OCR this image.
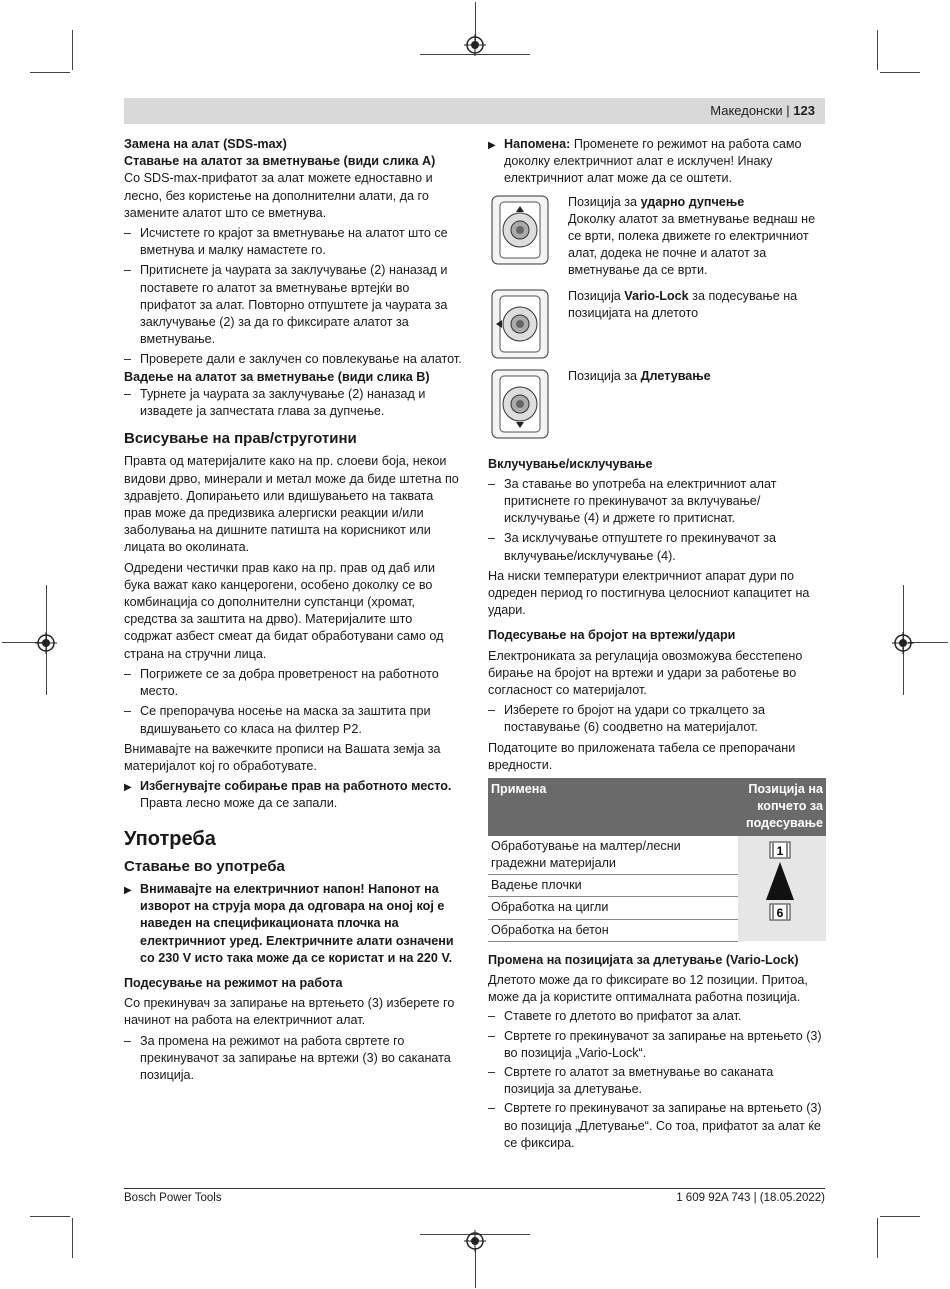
Македонски | 123

Замена на алат (SDS-max)

Ставање на алатот за вметнување (види слика A)

Со SDS-max-прифатот за алат можете едноставно и лесно, без користење на дополнителни алати, да го замените алатот што се вметнува.

– Исчистете го крајот за вметнување на алатот што се вметнува и малку намастете го.

– Притиснете ја чаурата за заклучување (2) наназад и поставете го алатот за вметнување вртејќи во прифатот за алат. Повторно отпуштете ја чаурата за заклучување (2) за да го фиксирате алатот за вметнување.

– Проверете дали е заклучен со повлекување на алатот.

Вадење на алатот за вметнување (види слика B)

– Турнете ја чаурата за заклучување (2) наназад и извадете ја запчестата глава за дупчење.

Всисување на прав/струготини

Правта од материјалите како на пр. слоеви боја, некои видови дрво, минерали и метал може да биде штетна по здравјето. Допирањето или вдишувањето на таквата прав може да предизвика алергиски реакции и/или заболувања на дишните патишта на корисникот или лицата во околината.

Одредени честички прав како на пр. прав од даб или бука важат како канцерогени, особено доколку се во комбинација со дополнителни супстанци (хромат, средства за заштита на дрво). Материјалите што содржат азбест смеат да бидат обработувани само од страна на стручни лица.

– Погрижете се за добра проветреност на работното место.

– Се препорачува носење на маска за заштита при вдишувањето со класа на филтер P2.

Внимавајте на важечките прописи на Вашата земја за материјалот кој го обработувате.

▶ Избегнувајте собирање прав на работното место.
Правта лесно може да се запали.

Употреба

Ставање во употреба

▶ Внимавајте на електричниот напон! Напонот на изворот на струја мора да одговара на оној кој е наведен на спецификационата плочка на електричниот уред. Електричните алати означени со 230 V исто така може да се користат и на 220 V.

Подесување на режимот на работа

Со прекинувач за запирање на вртењето (3) изберете го начинот на работа на електричниот алат.

– За промена на режимот на работа свртете го прекинувачот за запирање на вртежи (3) во саканата позиција.

▶ Напомена: Променете го режимот на работа само доколку електричниот алат е исклучен! Инаку електричниот алат може да се оштети.

Позиција за ударно дупчење
Доколку алатот за вметнување веднаш не се врти, полека движете го електричниот алат, додека не почне и алатот за вметнување да се врти.
Позиција Vario-Lock за подесување на позицијата на длетото
Позиција за Длетување

Вклучување/исклучување

– За ставање во употреба на електричниот алат притиснете го прекинувачот за вклучување/исклучување (4) и држете го притиснат.

– За исклучување отпуштете го прекинувачот за вклучување/исклучување (4).

На ниски температури електричниот апарат дури по одреден период го постигнува целосниот капацитет на удари.

Подесување на бројот на вртежи/удари

Електрониката за регулација овозможува бесстепено бирање на бројот на вртежи и удари за работење во согласност со материјалот.

– Изберете го бројот на удари со тркалцето за поставување (6) соодветно на материјалот.

Податоците во приложената табела се препорачани вредности.

Примена	Позиција на копчето за подесување
Обработување на малтер/лесни градежни материјали	1
6

Вадење плочки	
Обработка на цигли	
Обработка на бетон	

Промена на позицијата за длетување (Vario-Lock)

Длетото може да го фиксирате во 12 позиции. Притоа, може да ја користите оптималната работна позиција.

– Ставете го длетото во прифатот за алат.

– Свртете го прекинувачот за запирање на вртењето (3) во позиција „Vario-Lock“.

– Свртете го алатот за вметнување во саканата позиција за длетување.

– Свртете го прекинувачот за запирање на вртењето (3) во позиција „Длетување“. Со тоа, прифатот за алат ќе се фиксира.

Bosch Power Tools	1 609 92A 743 | (18.05.2022)
